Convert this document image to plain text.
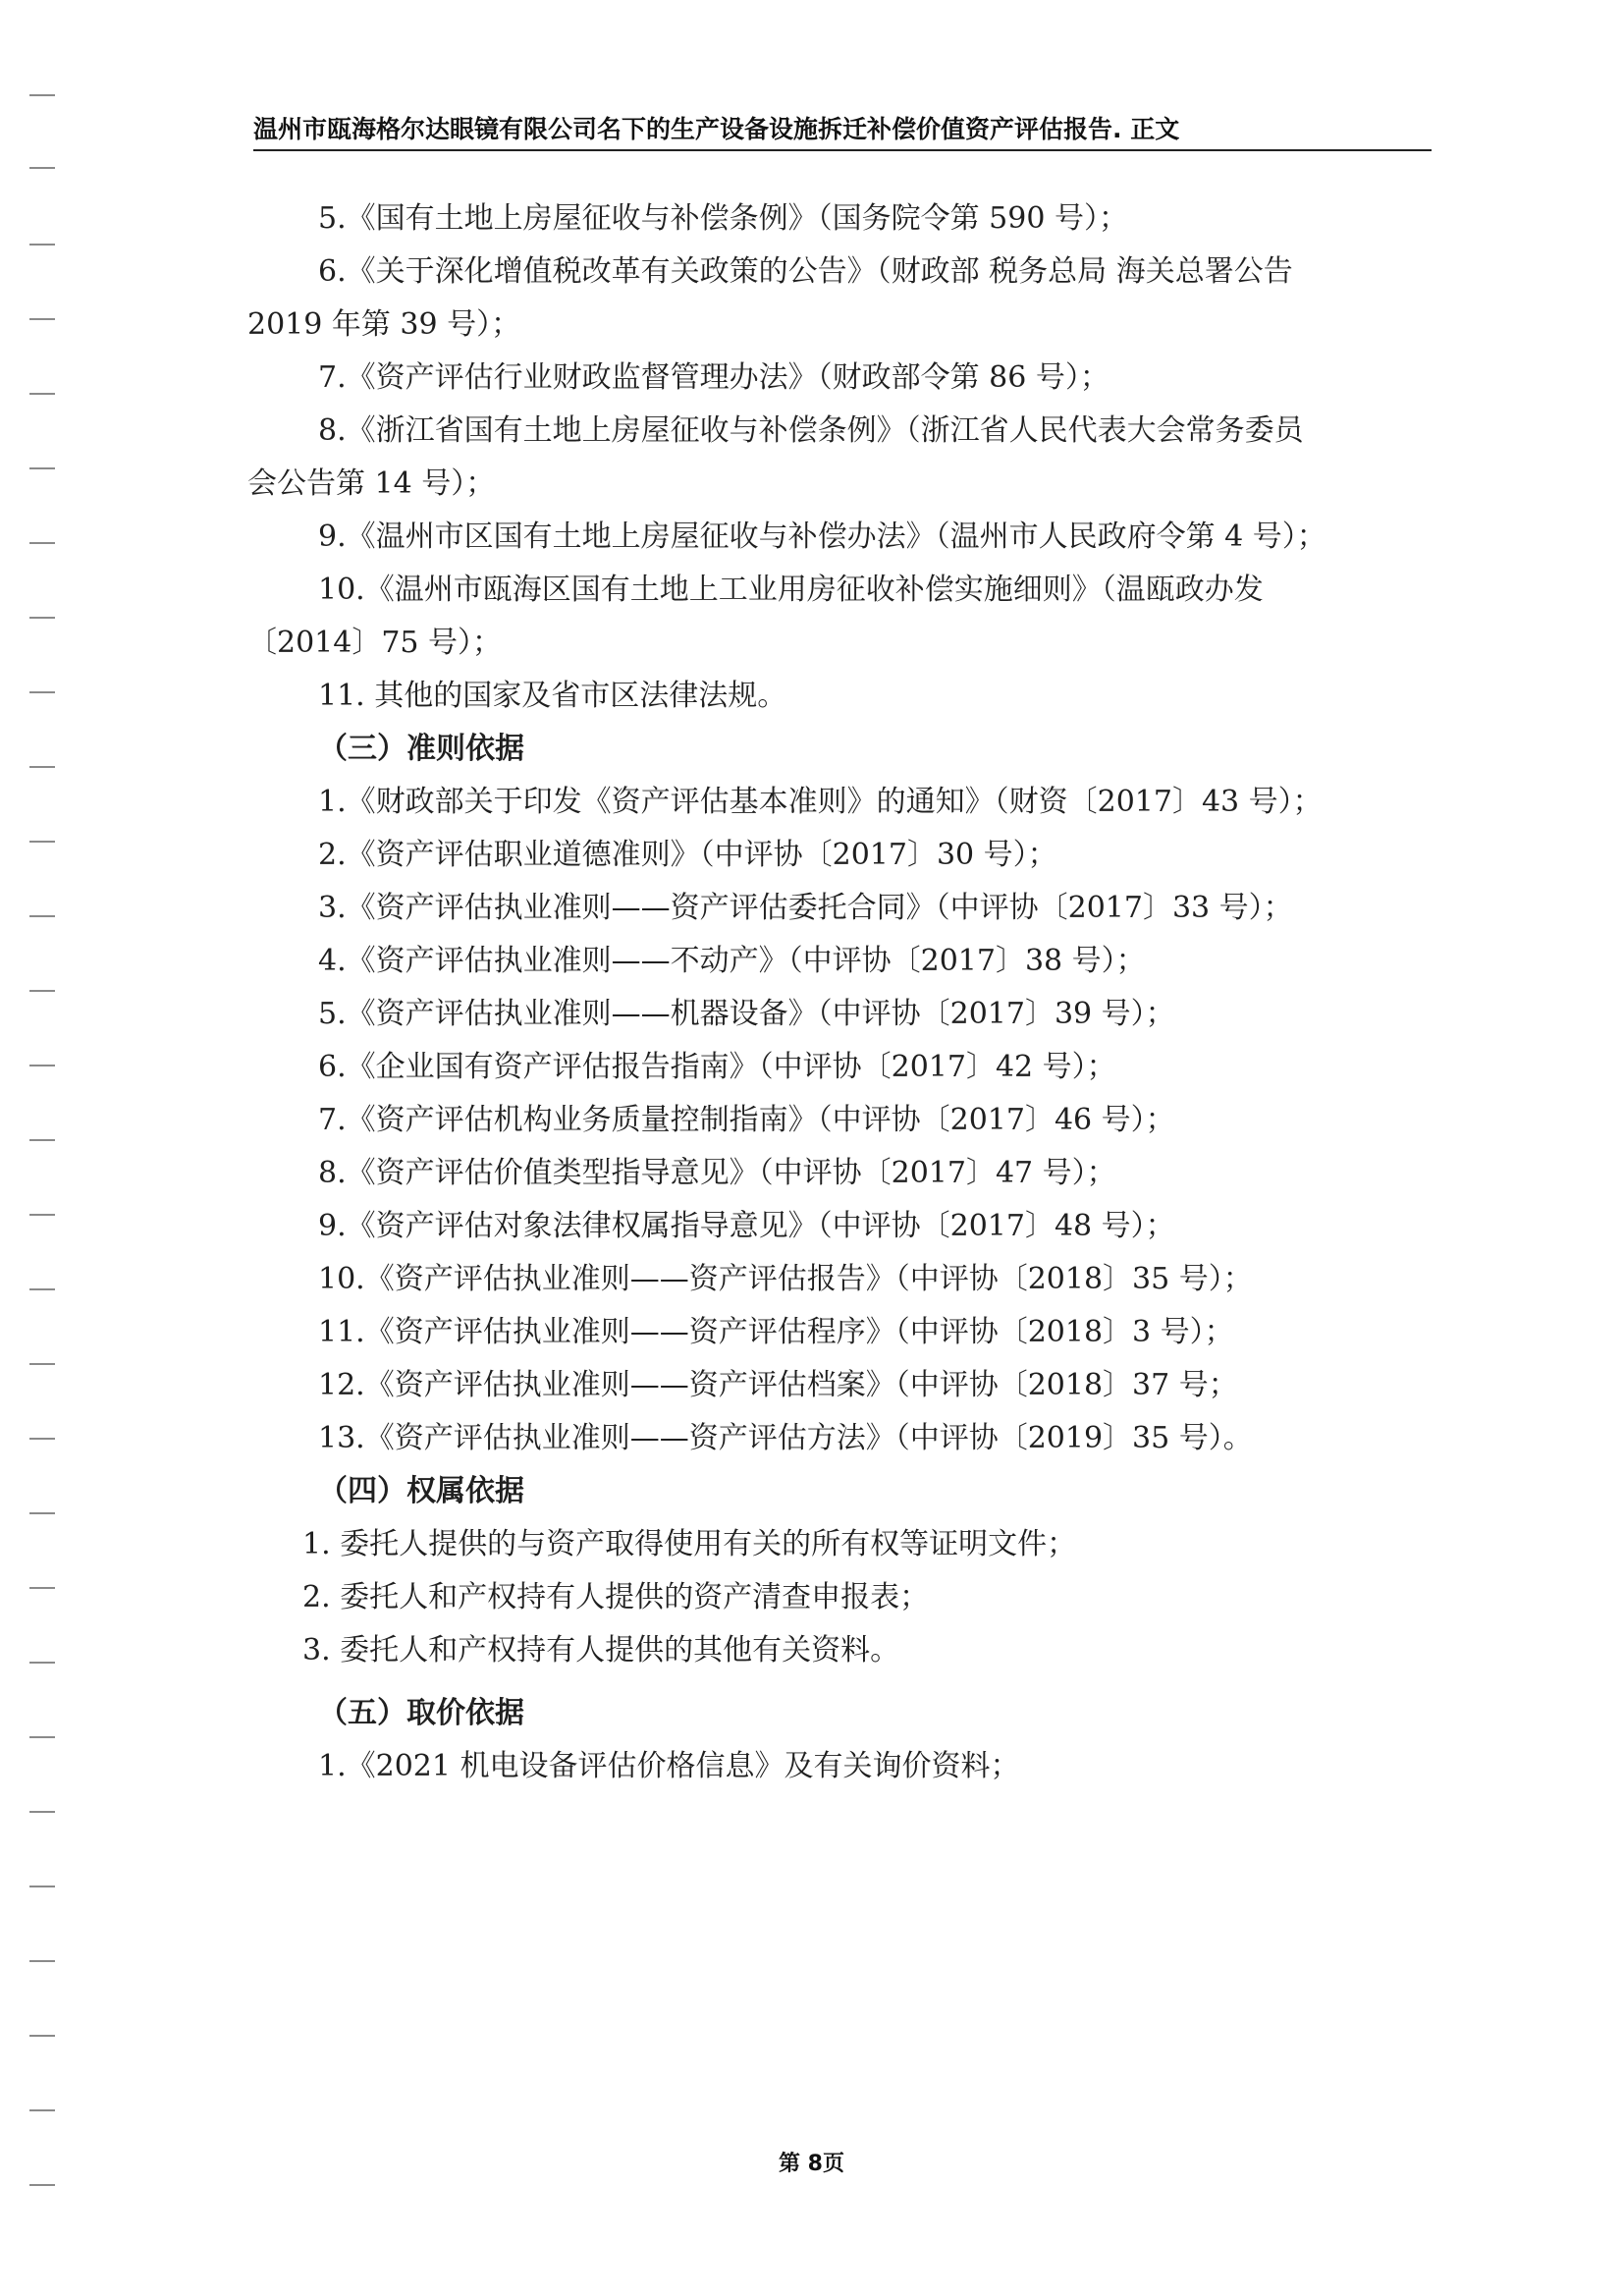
温州市瓯海格尔达眼镜有限公司名下的生产设备设施拆迁补偿价值资产评估报告. 正文

5.《国有土地上房屋征收与补偿条例》（国务院令第 590 号）；

6.《关于深化增值税改革有关政策的公告》（财政部 税务总局 海关总署公告

2019 年第 39 号）；

7.《资产评估行业财政监督管理办法》（财政部令第 86 号）；

8.《浙江省国有土地上房屋征收与补偿条例》（浙江省人民代表大会常务委员

会公告第 14 号）；

9.《温州市区国有土地上房屋征收与补偿办法》（温州市人民政府令第 4 号）；

10.《温州市瓯海区国有土地上工业用房征收补偿实施细则》（温瓯政办发

〔2014〕75 号）；

11. 其他的国家及省市区法律法规。

（三）准则依据

1.《财政部关于印发《资产评估基本准则》的通知》（财资〔2017〕43 号）；

2.《资产评估职业道德准则》（中评协〔2017〕30 号）；

3.《资产评估执业准则——资产评估委托合同》（中评协〔2017〕33 号）；

4.《资产评估执业准则——不动产》（中评协〔2017〕38 号）；

5.《资产评估执业准则——机器设备》（中评协〔2017〕39 号）；

6.《企业国有资产评估报告指南》（中评协〔2017〕42 号）；

7.《资产评估机构业务质量控制指南》（中评协〔2017〕46 号）；

8.《资产评估价值类型指导意见》（中评协〔2017〕47 号）；

9.《资产评估对象法律权属指导意见》（中评协〔2017〕48 号）；

10.《资产评估执业准则——资产评估报告》（中评协〔2018〕35 号）；

11.《资产评估执业准则——资产评估程序》（中评协〔2018〕3 号）；

12.《资产评估执业准则——资产评估档案》（中评协〔2018〕37 号；

13.《资产评估执业准则——资产评估方法》（中评协〔2019〕35 号）。

（四）权属依据

1. 委托人提供的与资产取得使用有关的所有权等证明文件；

2. 委托人和产权持有人提供的资产清查申报表；

3. 委托人和产权持有人提供的其他有关资料。

（五）取价依据

1.《2021 机电设备评估价格信息》及有关询价资料；

第 8页
